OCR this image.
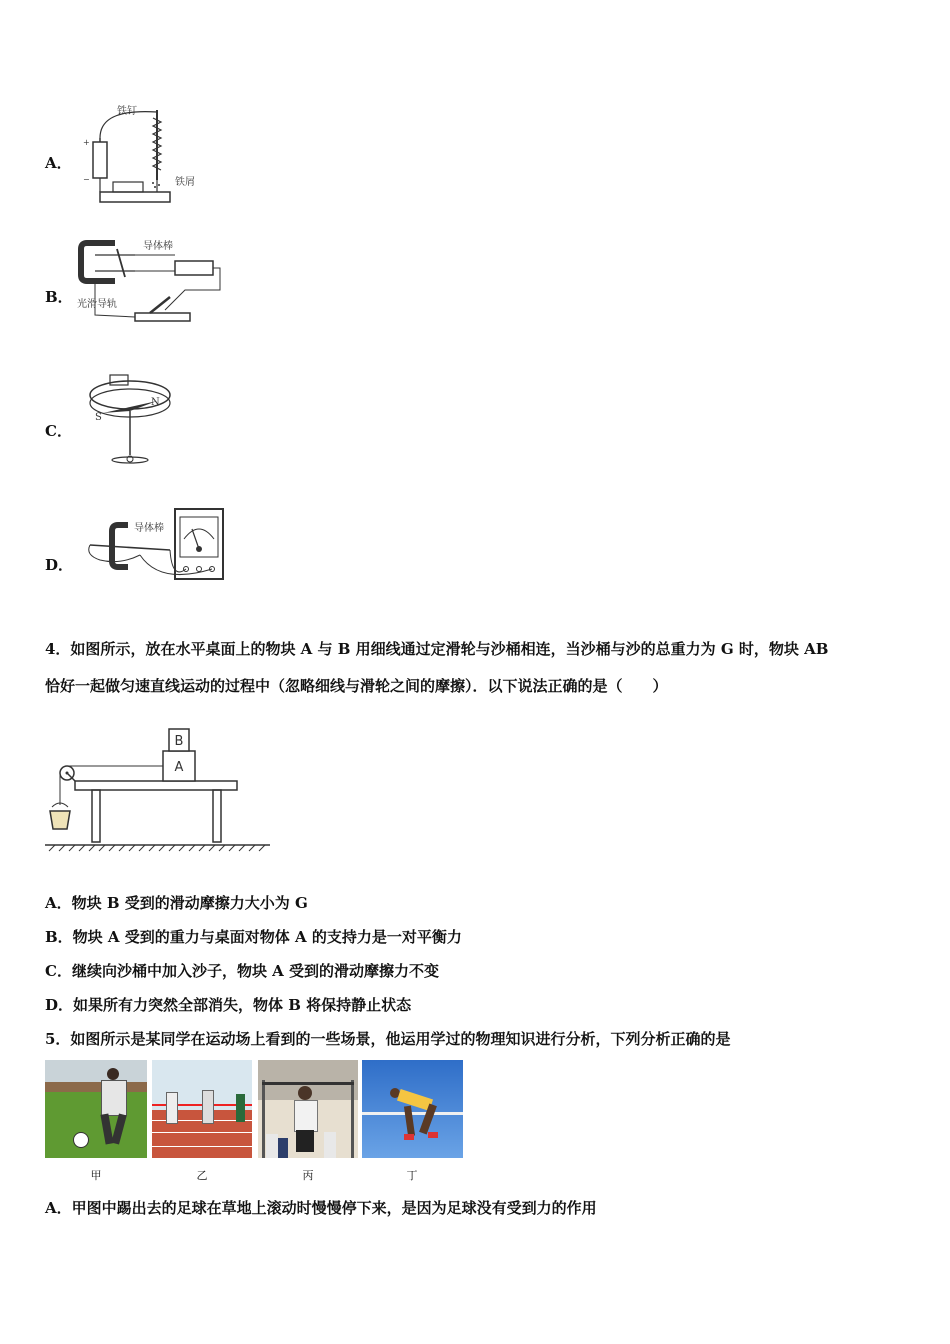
A．
+
−
铁钉
铁屑
B．
导体棒
光滑导轨
C．
S
N
D．
导体棒
4．如图所示，放在水平桌面上的物块 A 与 B 用细线通过定滑轮与沙桶相连，当沙桶与沙的总重力为 G 时，物块 AB
恰好一起做匀速直线运动的过程中（忽略细线与滑轮之间的摩擦）．以下说法正确的是（　　）
B
A
A．物块 B 受到的滑动摩擦力大小为 G
B．物块 A 受到的重力与桌面对物体 A 的支持力是一对平衡力
C．继续向沙桶中加入沙子，物块 A 受到的滑动摩擦力不变
D．如果所有力突然全部消失，物体 B 将保持静止状态
5．如图所示是某同学在运动场上看到的一些场景，他运用学过的物理知识进行分析，下列分析正确的是
甲	乙	丙	丁
A．甲图中踢出去的足球在草地上滚动时慢慢停下来，是因为足球没有受到力的作用
